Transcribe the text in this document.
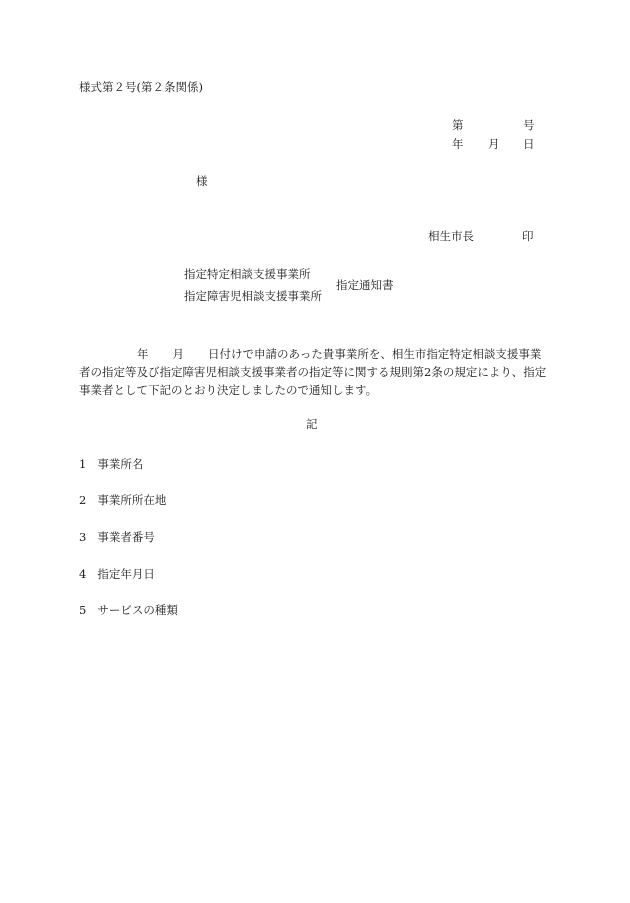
様式第２号(第２条関係)
第	号
年 月 日
様
相生市長	印
指定特定相談支援事業所
指定障害児相談支援事業所
指定通知書
年 月 日付けで申請のあった貴事業所を、相生市指定特定相談支援事業者の指定等及び指定障害児相談支援事業者の指定等に関する規則第2条の規定により、指定事業者として下記のとおり決定しましたので通知します。
記
1 事業所名
2 事業所所在地
3 事業者番号
4 指定年月日
5 サービスの種類
